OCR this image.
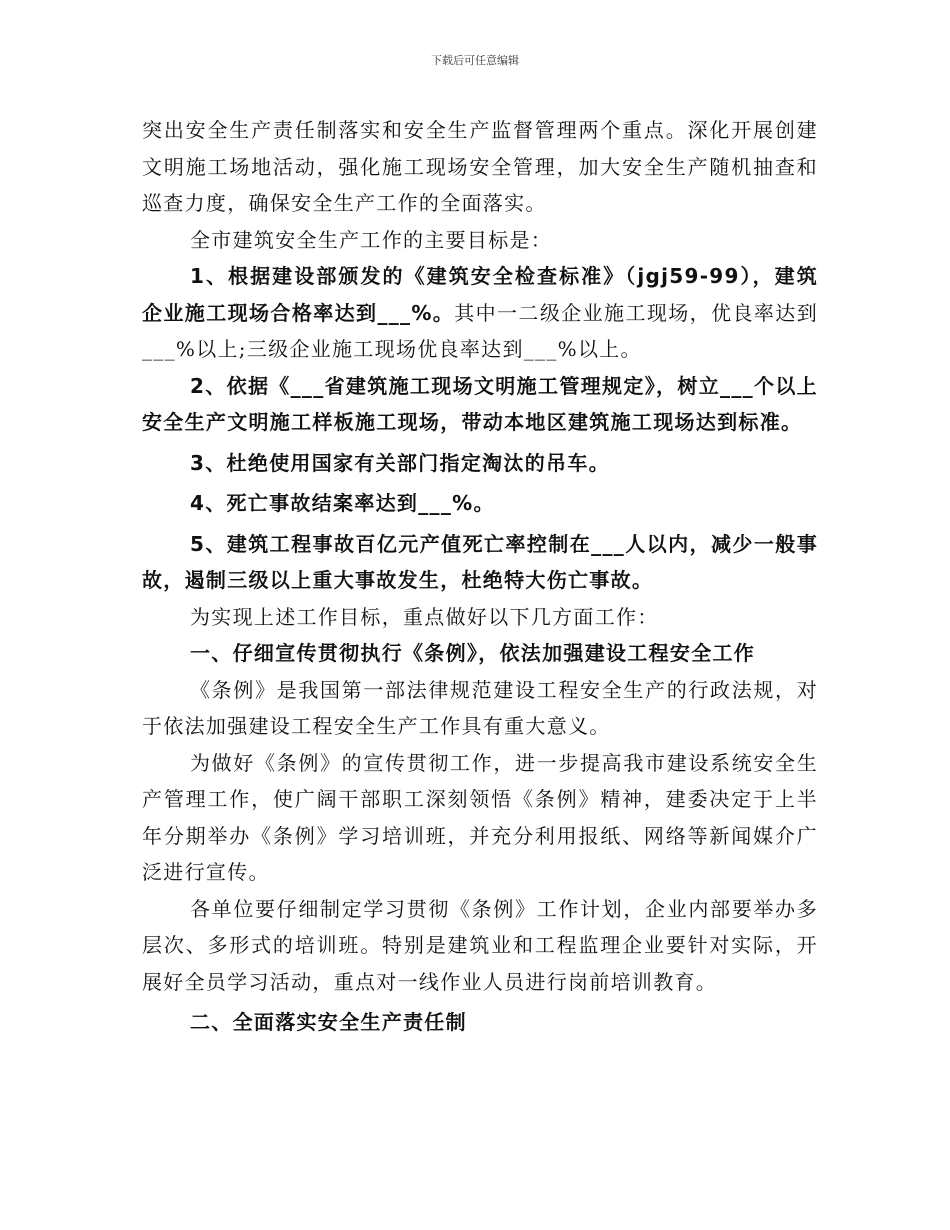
下载后可任意编辑

突出安全生产责任制落实和安全生产监督管理两个重点。深化开展创建文明施工场地活动，强化施工现场安全管理，加大安全生产随机抽查和巡查力度，确保安全生产工作的全面落实。

全市建筑安全生产工作的主要目标是：

1、根据建设部颁发的《建筑安全检查标准》（jgj59-99），建筑企业施工现场合格率达到___%。其中一二级企业施工现场，优良率达到___%以上;三级企业施工现场优良率达到___%以上。

2、依据《___省建筑施工现场文明施工管理规定》，树立___个以上安全生产文明施工样板施工现场，带动本地区建筑施工现场达到标准。

3、杜绝使用国家有关部门指定淘汰的吊车。

4、死亡事故结案率达到___%。

5、建筑工程事故百亿元产值死亡率控制在___人以内，减少一般事故，遏制三级以上重大事故发生，杜绝特大伤亡事故。

为实现上述工作目标，重点做好以下几方面工作：

一、仔细宣传贯彻执行《条例》，依法加强建设工程安全工作

《条例》是我国第一部法律规范建设工程安全生产的行政法规，对于依法加强建设工程安全生产工作具有重大意义。

为做好《条例》的宣传贯彻工作，进一步提高我市建设系统安全生产管理工作，使广阔干部职工深刻领悟《条例》精神，建委决定于上半年分期举办《条例》学习培训班，并充分利用报纸、网络等新闻媒介广泛进行宣传。

各单位要仔细制定学习贯彻《条例》工作计划，企业内部要举办多层次、多形式的培训班。特别是建筑业和工程监理企业要针对实际，开展好全员学习活动，重点对一线作业人员进行岗前培训教育。

二、全面落实安全生产责任制
